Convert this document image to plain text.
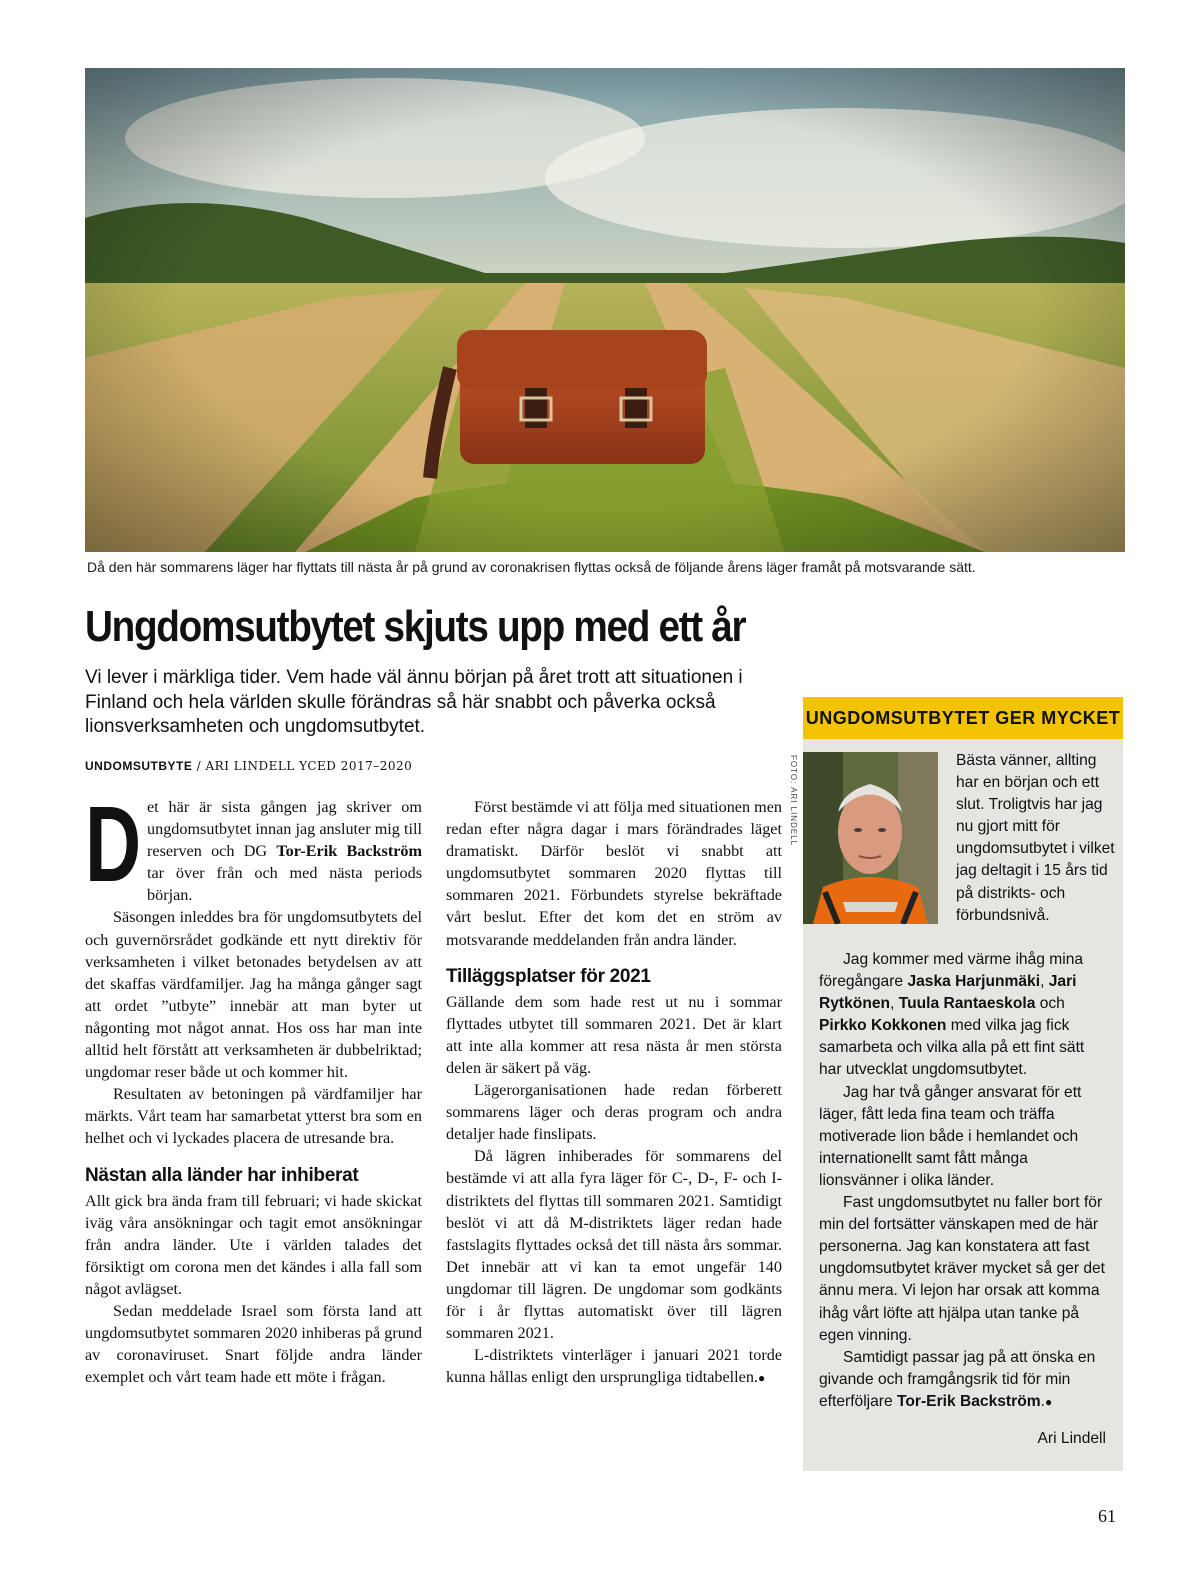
Då den här sommarens läger har flyttats till nästa år på grund av coronakrisen flyttas också de följande årens läger framåt på motsvarande sätt.
Ungdomsutbytet skjuts upp med ett år
Vi lever i märkliga tider. Vem hade väl ännu början på året trott att situationen i Finland och hela världen skulle förändras så här snabbt och påverka också lionsverksamheten och ungdomsutbytet.
UNDOMSUTBYTE / ARI LINDELL YCED 2017–2020

Det här är sista gången jag skriver om ungdomsutbytet innan jag ansluter mig till reserven och DG Tor-Erik Backström tar över från och med nästa periods början.

Säsongen inleddes bra för ungdomsutbytets del och guvernörsrådet godkände ett nytt direktiv för verksamheten i vilket betonades betydelsen av att det skaffas värdfamiljer. Jag ha många gånger sagt att ordet ”utbyte” innebär att man byter ut någonting mot något annat. Hos oss har man inte alltid helt förstått att verksamheten är dubbelriktad; ungdomar reser både ut och kommer hit.

Resultaten av betoningen på värdfamiljer har märkts. Vårt team har samarbetat ytterst bra som en helhet och vi lyckades placera de utresande bra.

Nästan alla länder har inhiberat

Allt gick bra ända fram till februari; vi hade skickat iväg våra ansökningar och tagit emot ansökningar från andra länder. Ute i världen talades det försiktigt om corona men det kändes i alla fall som något avlägset.

Sedan meddelade Israel som första land att ungdomsutbytet sommaren 2020 inhiberas på grund av coronaviruset. Snart följde andra länder exemplet och vårt team hade ett möte i frågan.

Först bestämde vi att följa med situationen men redan efter några dagar i mars förändrades läget dramatiskt. Därför beslöt vi snabbt att ungdomsutbytet sommaren 2020 flyttas till sommaren 2021. Förbundets styrelse bekräftade vårt beslut. Efter det kom det en ström av motsvarande meddelanden från andra länder.

Tilläggsplatser för 2021

Gällande dem som hade rest ut nu i sommar flyttades utbytet till sommaren 2021. Det är klart att inte alla kommer att resa nästa år men största delen är säkert på väg.

Lägerorganisationen hade redan förberett sommarens läger och deras program och andra detaljer hade finslipats.

Då lägren inhiberades för sommarens del bestämde vi att alla fyra läger för C-, D-, F- och I-distriktets del flyttas till sommaren 2021. Samtidigt beslöt vi att då M-distriktets läger redan hade fastslagits flyttades också det till nästa års sommar. Det innebär att vi kan ta emot ungefär 140 ungdomar till lägren. De ungdomar som godkänts för i år flyttas automatiskt över till lägren sommaren 2021.

L-distriktets vinterläger i januari 2021 torde kunna hållas enligt den ursprungliga tidtabellen.●

UNGDOMSUTBYTET GER MYCKET
FOTO: ARI LINDELL	Bästa vänner, allting har en början och ett slut. Troligtvis har jag nu gjort mitt för ungdomsutbytet i vilket jag deltagit i 15 års tid på distrikts- och förbundsnivå.

Jag kommer med värme ihåg mina föregångare Jaska Harjunmäki, Jari Rytkönen, Tuula Rantaeskola och Pirkko Kokkonen med vilka jag fick samarbeta och vilka alla på ett fint sätt har utvecklat ungdomsutbytet.

Jag har två gånger ansvarat för ett läger, fått leda fina team och träffa motiverade lion både i hemlandet och internationellt samt fått många lionsvänner i olika länder.

Fast ungdomsutbytet nu faller bort för min del fortsätter vänskapen med de här personerna. Jag kan konstatera att fast ungdomsutbytet kräver mycket så ger det ännu mera. Vi lejon har orsak att komma ihåg vårt löfte att hjälpa utan tanke på egen vinning.

Samtidigt passar jag på att önska en givande och framgångsrik tid för min efterföljare Tor-Erik Backström.●

Ari Lindell
61
